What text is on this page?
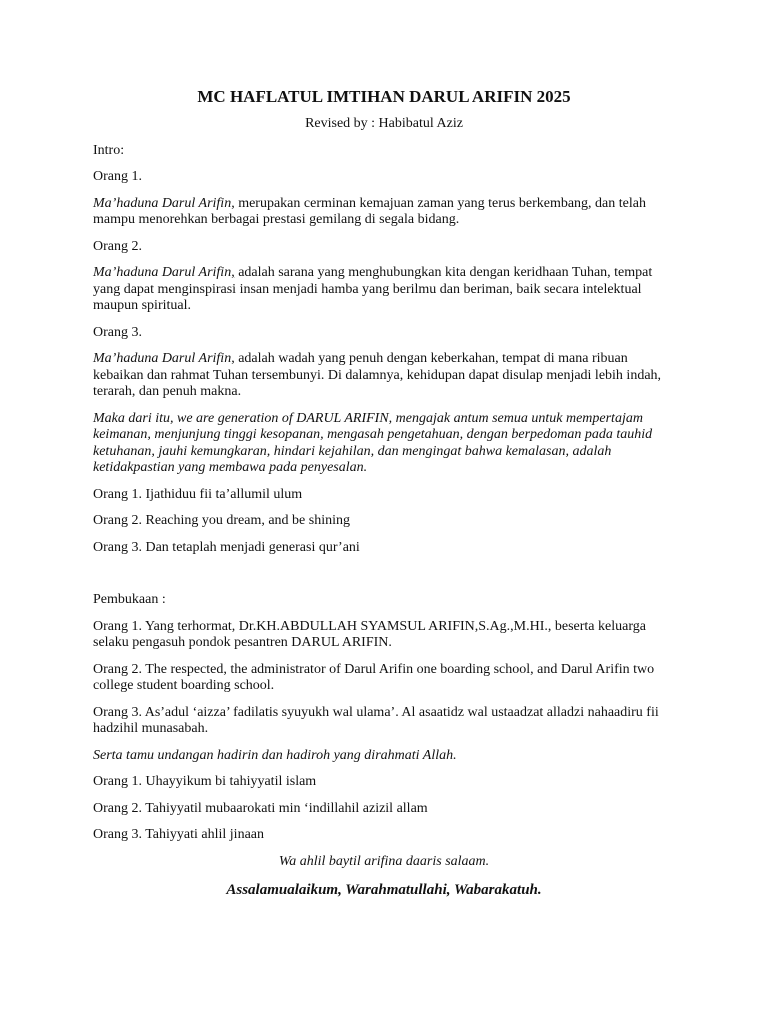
MC HAFLATUL IMTIHAN DARUL ARIFIN 2025
Revised by : Habibatul Aziz

Intro:

Orang 1.

Ma’haduna Darul Arifin, merupakan cerminan kemajuan zaman yang terus berkembang, dan telah mampu menorehkan berbagai prestasi gemilang di segala bidang.

Orang 2.

Ma’haduna Darul Arifin, adalah sarana yang menghubungkan kita dengan keridhaan Tuhan, tempat yang dapat menginspirasi insan menjadi hamba yang berilmu dan beriman, baik secara intelektual maupun spiritual.

Orang 3.

Ma’haduna Darul Arifin, adalah wadah yang penuh dengan keberkahan, tempat di mana ribuan kebaikan dan rahmat Tuhan tersembunyi. Di dalamnya, kehidupan dapat disulap menjadi lebih indah, terarah, dan penuh makna.

Maka dari itu, we are generation of DARUL ARIFIN, mengajak antum semua untuk mempertajam keimanan, menjunjung tinggi kesopanan, mengasah pengetahuan, dengan berpedoman pada tauhid ketuhanan, jauhi kemungkaran, hindari kejahilan, dan mengingat bahwa kemalasan, adalah ketidakpastian yang membawa pada penyesalan.

Orang 1. Ijathiduu fii ta’allumil ulum

Orang 2. Reaching you dream, and be shining

Orang 3. Dan tetaplah menjadi generasi qur’ani

Pembukaan :

Orang 1. Yang terhormat, Dr.KH.ABDULLAH SYAMSUL ARIFIN,S.Ag.,M.HI., beserta keluarga selaku pengasuh pondok pesantren DARUL ARIFIN.

Orang 2. The respected, the administrator of Darul Arifin one boarding school, and Darul Arifin two college student boarding school.

Orang 3. As’adul ‘aizza’ fadilatis syuyukh wal ulama’. Al asaatidz wal ustaadzat alladzi nahaadiru fii hadzihil munasabah.

Serta tamu undangan hadirin dan hadiroh yang dirahmati Allah.

Orang 1. Uhayyikum bi tahiyyatil islam

Orang 2. Tahiyyatil mubaarokati min ‘indillahil azizil allam

Orang 3. Tahiyyati ahlil jinaan

Wa ahlil baytil arifina daaris salaam.

Assalamualaikum, Warahmatullahi, Wabarakatuh.
